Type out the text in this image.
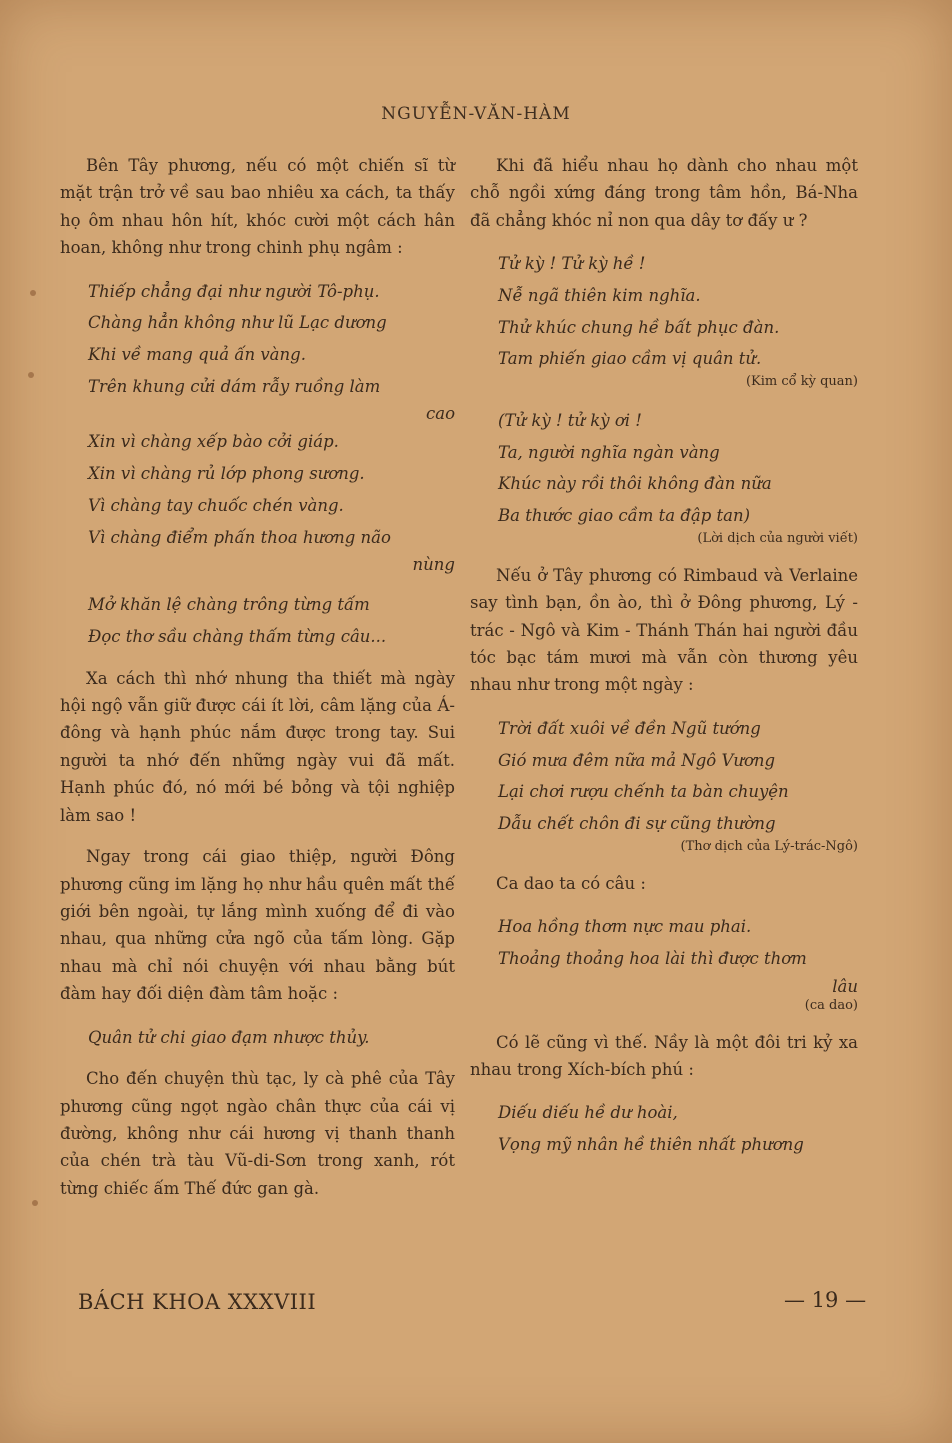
NGUYỄN-VĂN-HÀM

Bên Tây phương, nếu có một chiến sĩ từ mặt trận trở về sau bao nhiêu xa cách, ta thấy họ ôm nhau hôn hít, khóc cười một cách hân hoan, không như trong chinh phụ ngâm :

Thiếp chẳng đại như người Tô-phụ.
Chàng hẳn không như lũ Lạc dương
Khi về mang quả ấn vàng.
Trên khung cửi dám rẫy ruồng làm
cao
Xin vì chàng xếp bào cởi giáp.
Xin vì chàng rủ lớp phong sương.
Vì chàng tay chuốc chén vàng.
Vì chàng điểm phấn thoa hương não
nùng
Mở khăn lệ chàng trông từng tấm
Đọc thơ sầu chàng thấm từng câu...

Xa cách thì nhớ nhung tha thiết mà ngày hội ngộ vẫn giữ được cái ít lời, câm lặng của Á-đông và hạnh phúc nắm được trong tay. Sui người ta nhớ đến những ngày vui đã mất. Hạnh phúc đó, nó mới bé bỏng và tội nghiệp làm sao !

Ngay trong cái giao thiệp, người Đông phương cũng im lặng họ như hầu quên mất thế giới bên ngoài, tự lắng mình xuống để đi vào nhau, qua những cửa ngõ của tấm lòng. Gặp nhau mà chỉ nói chuyện với nhau bằng bút đàm hay đối diện đàm tâm hoặc :

Quân tử chi giao đạm nhược thủy.

Cho đến chuyện thù tạc, ly cà phê của Tây phương cũng ngọt ngào chân thực của cái vị đường, không như cái hương vị thanh thanh của chén trà tàu Vũ-di-Sơn trong xanh, rót từng chiếc ấm Thế đức gan gà.

Khi đã hiểu nhau họ dành cho nhau một chỗ ngồi xứng đáng trong tâm hồn, Bá-Nha đã chẳng khóc nỉ non qua dây tơ đấy ư ?

Tử kỳ ! Tử kỳ hề !
Nễ ngã thiên kim nghĩa.
Thử khúc chung hề bất phục đàn.
Tam phiến giao cầm vị quân tử.
(Kim cổ kỳ quan)
(Tử kỳ ! tử kỳ ơi !
Ta, người nghĩa ngàn vàng
Khúc này rồi thôi không đàn nữa
Ba thước giao cầm ta đập tan)
(Lời dịch của người viết)

Nếu ở Tây phương có Rimbaud và Verlaine say tình bạn, ồn ào, thì ở Đông phương, Lý - trác - Ngô và Kim - Thánh Thán hai người đầu tóc bạc tám mươi mà vẫn còn thương yêu nhau như trong một ngày :

Trời đất xuôi về đền Ngũ tướng
Gió mưa đêm nữa mả Ngô Vương
Lại chơi rượu chếnh ta bàn chuyện
Dẫu chết chôn đi sự cũng thường
(Thơ dịch của Lý-trác-Ngô)

Ca dao ta có câu :

Hoa hồng thơm nực mau phai.
Thoảng thoảng hoa lài thì được thơm
lâu
(ca dao)

Có lẽ cũng vì thế. Nầy là một đôi tri kỷ xa nhau trong Xích-bích phú :

Diếu diếu hề dư hoài,
Vọng mỹ nhân hề thiên nhất phương
BÁCH KHOA XXXVIII	— 19 —
